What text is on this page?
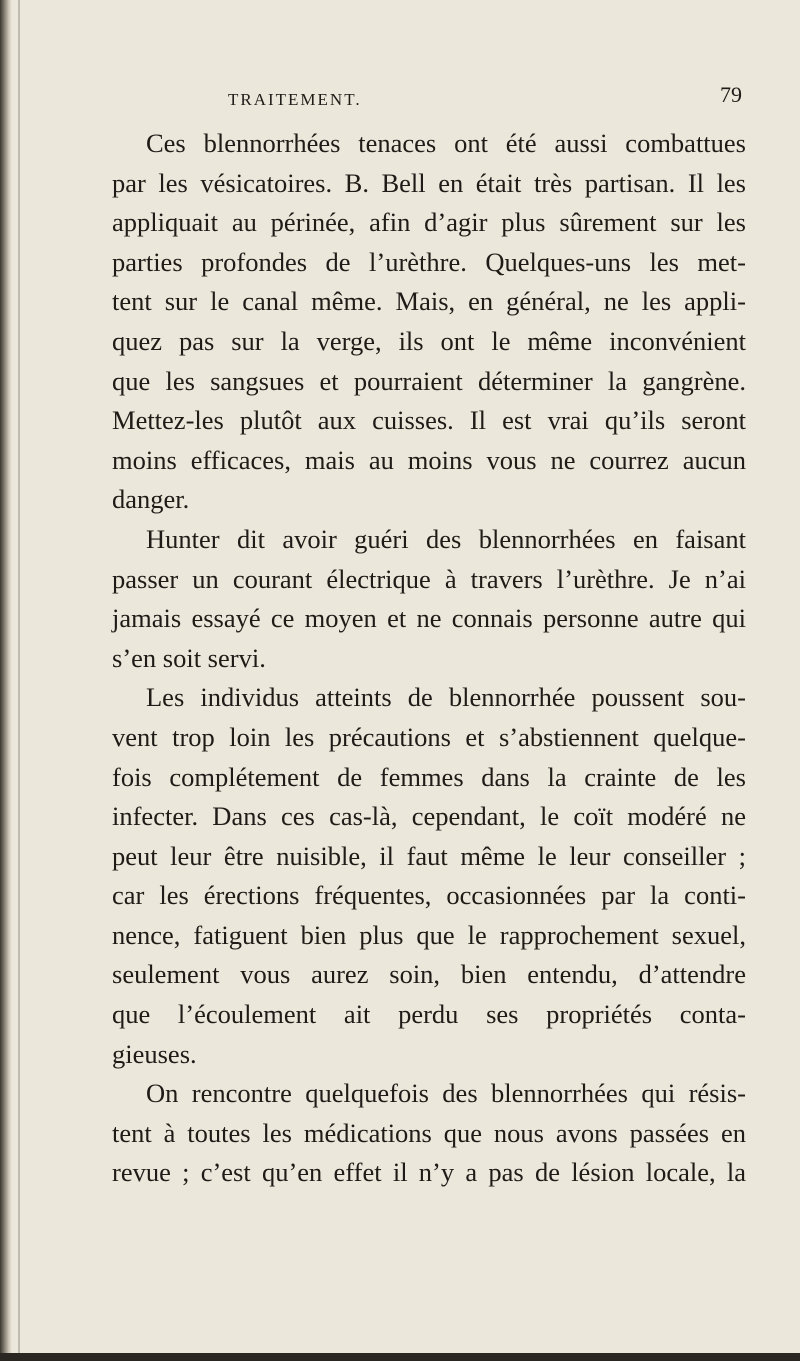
TRAITEMENT.	79
Ces blennorrhées tenaces ont été aussi combattues
par les vésicatoires. B. Bell en était très partisan. Il les
appliquait au périnée, afin d’agir plus sûrement sur les
parties profondes de l’urèthre. Quelques-uns les met-
tent sur le canal même. Mais, en général, ne les appli-
quez pas sur la verge, ils ont le même inconvénient
que les sangsues et pourraient déterminer la gangrène.
Mettez-les plutôt aux cuisses. Il est vrai qu’ils seront
moins efficaces, mais au moins vous ne courrez aucun
danger.
Hunter dit avoir guéri des blennorrhées en faisant
passer un courant électrique à travers l’urèthre. Je n’ai
jamais essayé ce moyen et ne connais personne autre qui
s’en soit servi.
Les individus atteints de blennorrhée poussent sou-
vent trop loin les précautions et s’abstiennent quelque-
fois complétement de femmes dans la crainte de les
infecter. Dans ces cas-là, cependant, le coït modéré ne
peut leur être nuisible, il faut même le leur conseiller ;
car les érections fréquentes, occasionnées par la conti-
nence, fatiguent bien plus que le rapprochement sexuel,
seulement vous aurez soin, bien entendu, d’attendre
que l’écoulement ait perdu ses propriétés conta-
gieuses.
On rencontre quelquefois des blennorrhées qui résis-
tent à toutes les médications que nous avons passées en
revue ; c’est qu’en effet il n’y a pas de lésion locale, la
